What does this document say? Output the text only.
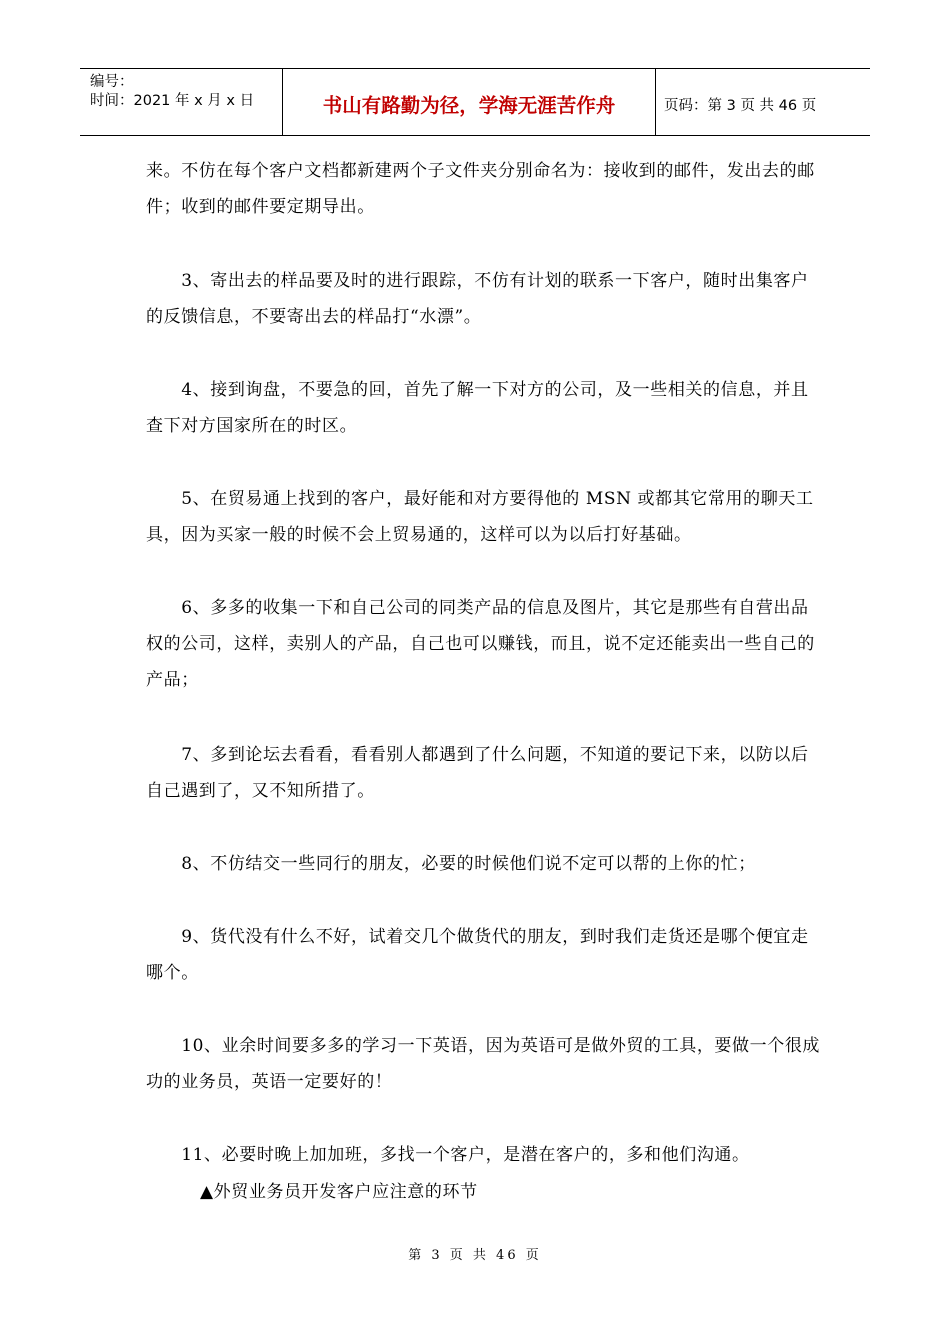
编号：
时间：2021 年 x 月 x 日	书山有路勤为径，学海无涯苦作舟	页码：第 3 页 共 46 页

来。不仿在每个客户文档都新建两个子文件夹分别命名为：接收到的邮件，发出去的邮件；收到的邮件要定期导出。

　　3、寄出去的样品要及时的进行跟踪，不仿有计划的联系一下客户，随时出集客户的反馈信息，不要寄出去的样品打“水漂”。

　　4、接到询盘，不要急的回，首先了解一下对方的公司，及一些相关的信息，并且查下对方国家所在的时区。

　　5、在贸易通上找到的客户，最好能和对方要得他的 MSN 或都其它常用的聊天工具，因为买家一般的时候不会上贸易通的，这样可以为以后打好基础。

　　6、多多的收集一下和自己公司的同类产品的信息及图片，其它是那些有自营出品权的公司，这样，卖别人的产品，自己也可以赚钱，而且，说不定还能卖出一些自己的产品；

　　7、多到论坛去看看，看看别人都遇到了什么问题，不知道的要记下来，以防以后自己遇到了，又不知所措了。

　　8、不仿结交一些同行的朋友，必要的时候他们说不定可以帮的上你的忙；

　　9、货代没有什么不好，试着交几个做货代的朋友，到时我们走货还是哪个便宜走哪个。

　　10、业余时间要多多的学习一下英语，因为英语可是做外贸的工具，要做一个很成功的业务员，英语一定要好的！

　　11、必要时晚上加加班，多找一个客户，是潜在客户的，多和他们沟通。

▲外贸业务员开发客户应注意的环节
第 3 页 共 46 页
